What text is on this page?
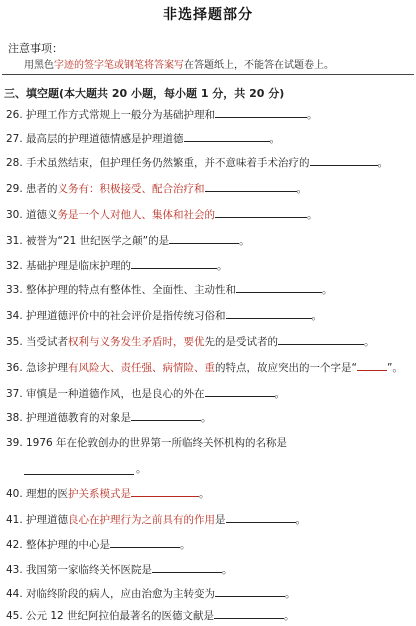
非选择题部分
注意事项：
用黑色字迹的签字笔或钢笔将答案写在答题纸上，不能答在试题卷上。
三、填空题(本大题共 20 小题，每小题 1 分，共 20 分)
26. 护理工作方式常规上一般分为基础护理和	。
27. 最高层的护理道德情感是护理道德	。
28. 手术虽然结束，但护理任务仍然繁重，并不意味着手术治疗的	。
29. 患者的义务有：积极接受、配合治疗和	。
30. 道德义务是一个人对他人、集体和社会的	。
31. 被誉为“21 世纪医学之颠”的是	。
32. 基础护理是临床护理的	。
33. 整体护理的特点有整体性、全面性、主动性和	。
34. 护理道德评价中的社会评价是指传统习俗和	。
35. 当受试者权利与义务发生矛盾时，要优先的是受试者的	。
36. 急诊护理有风险大、责任强、病情险、重的特点，故应突出的一个字是“	”。
37. 审慎是一种道德作风，也是良心的外在	。
38. 护理道德教育的对象是	。
39. 1976 年在伦敦创办的世界第一所临终关怀机构的名称是
。
40. 理想的医护关系模式是	。
41. 护理道德良心在护理行为之前具有的作用是	。
42. 整体护理的中心是	。
43. 我国第一家临终关怀医院是	。
44. 对临终阶段的病人，应由治愈为主转变为	。
45. 公元 12 世纪阿拉伯最著名的医德文献是	。
